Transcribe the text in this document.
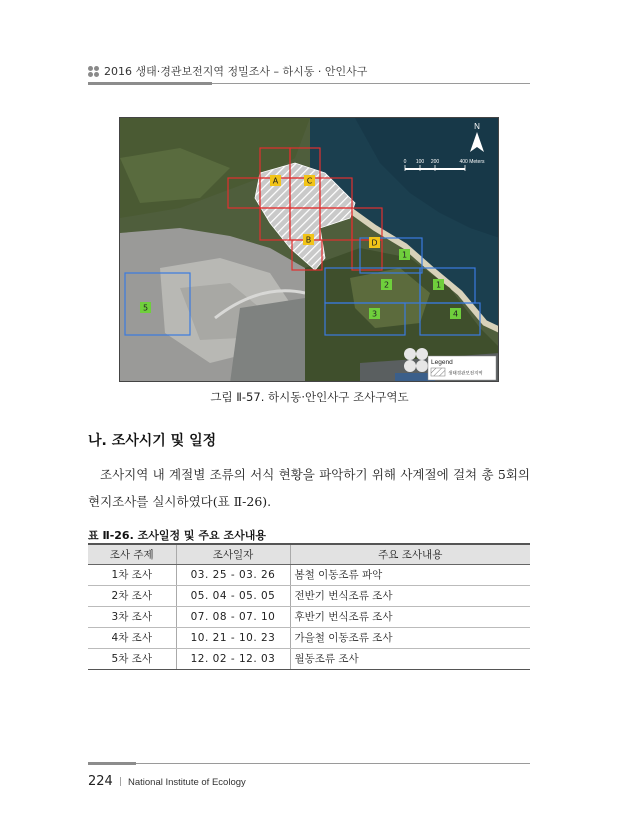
2016 생태·경관보전지역 정밀조사 – 하시동 · 안인사구
A	C
B	D
1
1
2
3	4
5
N
0 100 200	400 Meters
Legend
생태경관보전지역
그림 Ⅱ-57. 하시동·안인사구 조사구역도
나. 조사시기 및 일정

조사지역 내 계절별 조류의 서식 현황을 파악하기 위해 사계절에 걸쳐 총 5회의 현지조사를 실시하였다(표 Ⅱ-26).

표 Ⅱ-26. 조사일정 및 주요 조사내용
조사 주제	조사일자	주요 조사내용
1차 조사	03. 25 - 03. 26	봄철 이동조류 파악
2차 조사	05. 04 - 05. 05	전반기 번식조류 조사
3차 조사	07. 08 - 07. 10	후반기 번식조류 조사
4차 조사	10. 21 - 10. 23	가을철 이동조류 조사
5차 조사	12. 02 - 12. 03	월동조류 조사
224 | National Institute of Ecology
